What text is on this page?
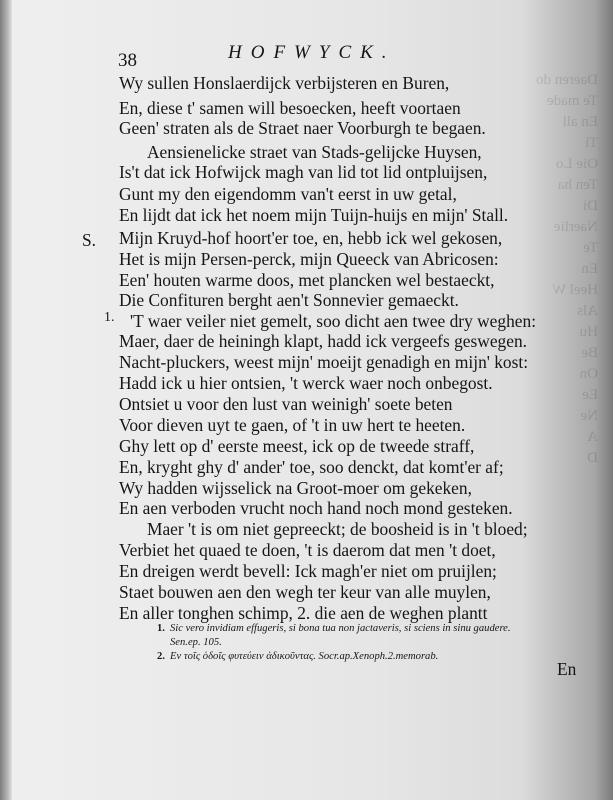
Daeren do
Te made
En all
Ti
Oie Lo
Ten ha
Di
Naerlie
Te
En
Heel W
Als
Hu
Be
On
Ee
Ne
A
D
38	HOFWYCK.
S.
1.
Wy sullen Honslaerdijck verbijsteren en Buren,
En, diese t' samen will besoecken, heeft voortaen
Geen' straten als de Straet naer Voorburgh te begaen.
Aensienelicke straet van Stads-gelijcke Huysen,
Is't dat ick Hofwijck magh van lid tot lid ontpluijsen,
Gunt my den eigendomm van't eerst in uw getal,
En lijdt dat ick het noem mijn Tuijn-huijs en mijn' Stall.
Mijn Kruyd-hof hoort'er toe, en, hebb ick wel gekosen,
Het is mijn Persen-perck, mijn Queeck van Abricosen:
Een' houten warme doos, met plancken wel bestaeckt,
Die Confituren berght aen't Sonnevier gemaeckt.
'T waer veiler niet gemelt, soo dicht aen twee dry weghen:
Maer, daer de heiningh klapt, hadd ick vergeefs geswegen.
Nacht-pluckers, weest mijn' moeijt genadigh en mijn' kost:
Hadd ick u hier ontsien, 't werck waer noch onbegost.
Ontsiet u voor den lust van weinigh' soete beten
Voor dieven uyt te gaen, of 't in uw hert te heeten.
Ghy lett op d' eerste meest, ick op de tweede straff,
En, kryght ghy d' ander' toe, soo denckt, dat komt'er af;
Wy hadden wijsselick na Groot-moer om gekeken,
En aen verboden vrucht noch hand noch mond gesteken.
Maer 't is om niet gepreeckt; de boosheid is in 't bloed;
Verbiet het quaed te doen, 't is daerom dat men 't doet,
En dreigen werdt bevell: Ick magh'er niet om pruijlen;
Staet bouwen aen den wegh ter keur van alle muylen,
En aller tonghen schimp, 2. die aen de weghen plantt
1. Sic vero invidiam effugeris, si bona tua non jactaveris, si sciens in sinu gaudere.
Sen.ep. 105.
2. Εν τοῖς ὁδοῖς φυτεύειν ἀδικοῦντας. Socr.ap.Xenoph.2.memorab.
En
